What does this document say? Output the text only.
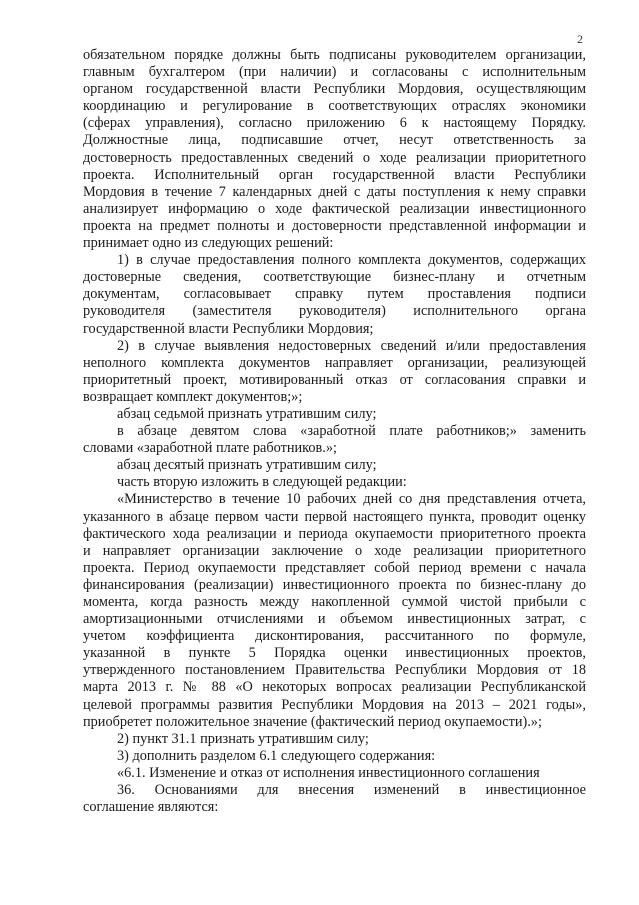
2
обязательном порядке должны быть подписаны руководителем организации,
главным бухгалтером (при наличии) и согласованы с исполнительным
органом государственной власти Республики Мордовия, осуществляющим
координацию и регулирование в соответствующих отраслях экономики
(сферах управления), согласно приложению 6 к настоящему Порядку.
Должностные лица, подписавшие отчет, несут ответственность за
достоверность предоставленных сведений о ходе реализации приоритетного
проекта. Исполнительный орган государственной власти Республики
Мордовия в течение 7 календарных дней с даты поступления к нему справки
анализирует информацию о ходе фактической реализации инвестиционного
проекта на предмет полноты и достоверности представленной информации и
принимает одно из следующих решений:
1) в случае предоставления полного комплекта документов, содержащих
достоверные сведения, соответствующие бизнес-плану и отчетным
документам, согласовывает справку путем проставления подписи
руководителя (заместителя руководителя) исполнительного органа
государственной власти Республики Мордовия;
2) в случае выявления недостоверных сведений и/или предоставления
неполного комплекта документов направляет организации, реализующей
приоритетный проект, мотивированный отказ от согласования справки и
возвращает комплект документов;»;
абзац седьмой признать утратившим силу;
в абзаце девятом слова «заработной плате работников;» заменить
словами «заработной плате работников.»;
абзац десятый признать утратившим силу;
часть вторую изложить в следующей редакции:
«Министерство в течение 10 рабочих дней со дня представления отчета,
указанного в абзаце первом части первой настоящего пункта, проводит оценку
фактического хода реализации и периода окупаемости приоритетного проекта
и направляет организации заключение о ходе реализации приоритетного
проекта. Период окупаемости представляет собой период времени с начала
финансирования (реализации) инвестиционного проекта по бизнес-плану до
момента, когда разность между накопленной суммой чистой прибыли с
амортизационными отчислениями и объемом инвестиционных затрат, с
учетом коэффициента дисконтирования, рассчитанного по формуле,
указанной в пункте 5 Порядка оценки инвестиционных проектов,
утвержденного постановлением Правительства Республики Мордовия от 18
марта 2013 г. № 88 «О некоторых вопросах реализации Республиканской
целевой программы развития Республики Мордовия на 2013 – 2021 годы»,
приобретет положительное значение (фактический период окупаемости).»;
2) пункт 31.1 признать утратившим силу;
3) дополнить разделом 6.1 следующего содержания:
«6.1. Изменение и отказ от исполнения инвестиционного соглашения
36. Основаниями для внесения изменений в инвестиционное
соглашение являются:
